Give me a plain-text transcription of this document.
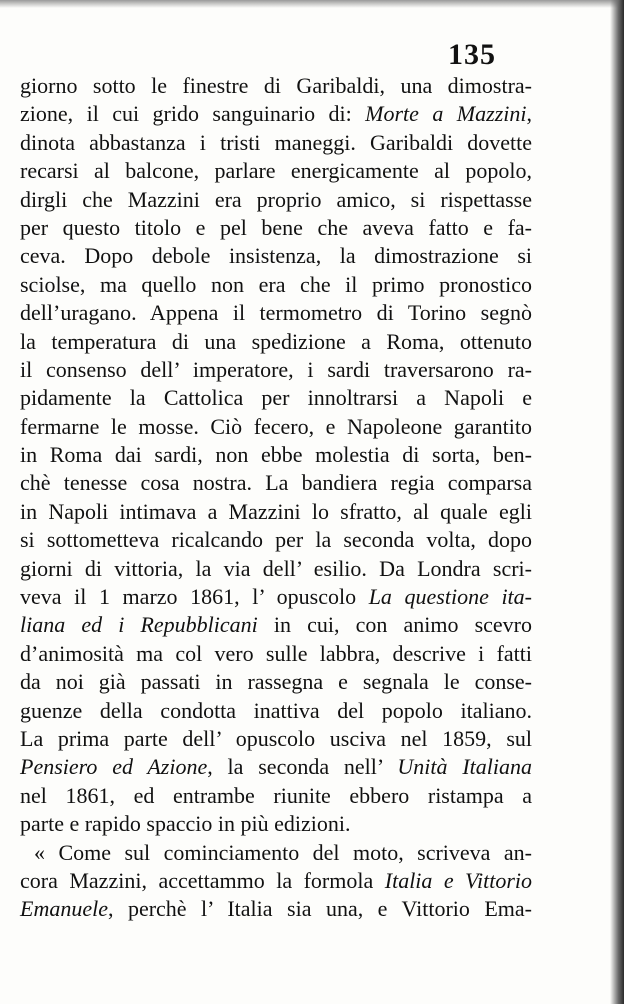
135
giorno sotto le finestre di Garibaldi, una dimostra-
zione, il cui grido sanguinario di: Morte a Mazzini,
dinota abbastanza i tristi maneggi. Garibaldi dovette
recarsi al balcone, parlare energicamente al popolo,
dirgli che Mazzini era proprio amico, si rispettasse
per questo titolo e pel bene che aveva fatto e fa-
ceva. Dopo debole insistenza, la dimostrazione si
sciolse, ma quello non era che il primo pronostico
dell’uragano. Appena il termometro di Torino segnò
la temperatura di una spedizione a Roma, ottenuto
il consenso dell’ imperatore, i sardi traversarono ra-
pidamente la Cattolica per innoltrarsi a Napoli e
fermarne le mosse. Ciò fecero, e Napoleone garantito
in Roma dai sardi, non ebbe molestia di sorta, ben-
chè tenesse cosa nostra. La bandiera regia comparsa
in Napoli intimava a Mazzini lo sfratto, al quale egli
si sottometteva ricalcando per la seconda volta, dopo
giorni di vittoria, la via dell’ esilio. Da Londra scri-
veva il 1 marzo 1861, l’ opuscolo La questione ita-
liana ed i Repubblicani in cui, con animo scevro
d’animosità ma col vero sulle labbra, descrive i fatti
da noi già passati in rassegna e segnala le conse-
guenze della condotta inattiva del popolo italiano.
La prima parte dell’ opuscolo usciva nel 1859, sul
Pensiero ed Azione, la seconda nell’ Unità Italiana
nel 1861, ed entrambe riunite ebbero ristampa a
parte e rapido spaccio in più edizioni.
« Come sul cominciamento del moto, scriveva an-
cora Mazzini, accettammo la formola Italia e Vittorio
Emanuele, perchè l’ Italia sia una, e Vittorio Ema-
